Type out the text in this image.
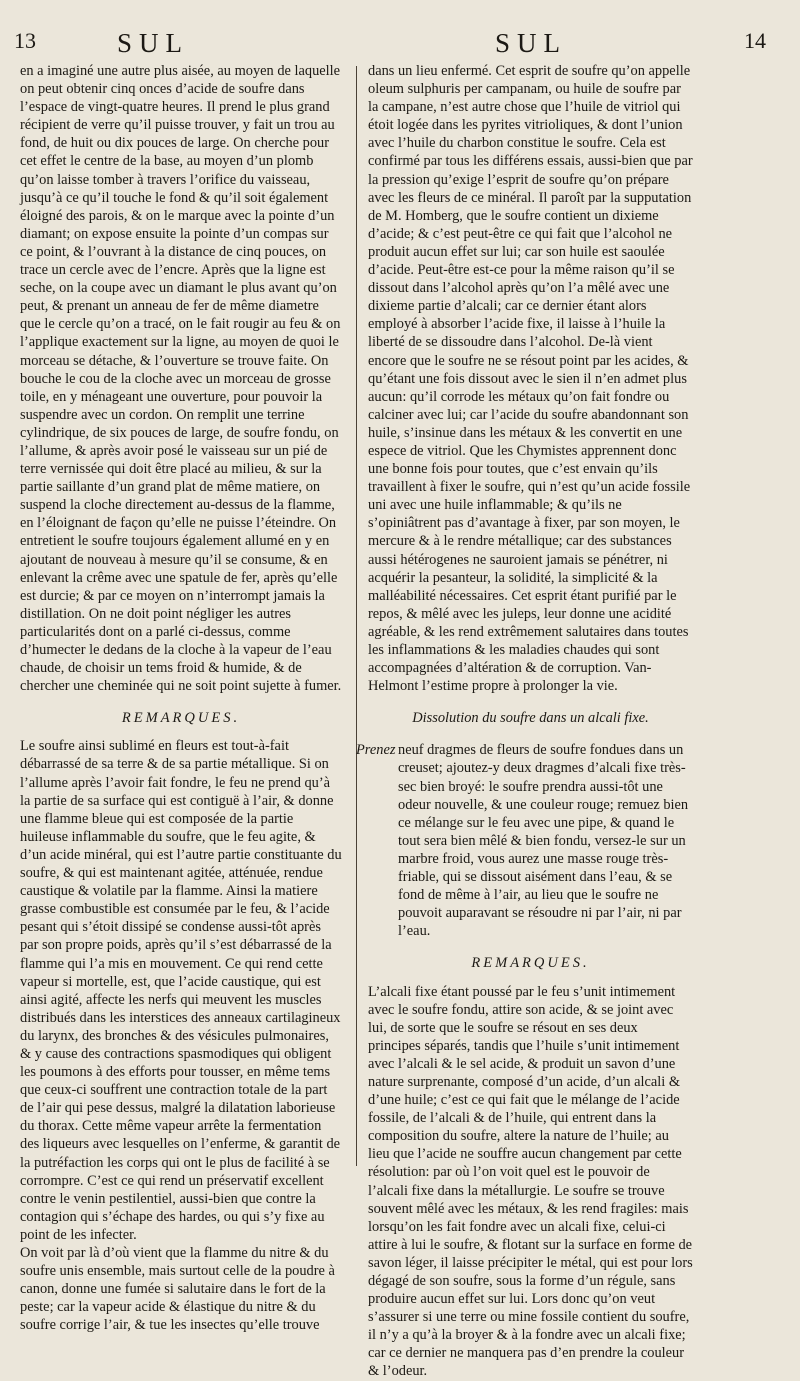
13	SUL	SUL	14

en a imaginé une autre plus aisée, au moyen de laquelle on peut obtenir cinq onces d’acide de soufre dans l’espace de vingt-quatre heures. Il prend le plus grand récipient de verre qu’il puisse trouver, y fait un trou au fond, de huit ou dix pouces de large. On cherche pour cet effet le centre de la base, au moyen d’un plomb qu’on laisse tomber à travers l’orifice du vaisseau, jusqu’à ce qu’il touche le fond & qu’il soit également éloigné des parois, & on le marque avec la pointe d’un diamant; on expose ensuite la pointe d’un compas sur ce point, & l’ouvrant à la distance de cinq pouces, on trace un cercle avec de l’encre. Après que la ligne est seche, on la coupe avec un diamant le plus avant qu’on peut, & prenant un anneau de fer de même diametre que le cercle qu’on a tracé, on le fait rougir au feu & on l’applique exactement sur la ligne, au moyen de quoi le morceau se détache, & l’ouverture se trouve faite. On bouche le cou de la cloche avec un morceau de grosse toile, en y ménageant une ouverture, pour pouvoir la suspendre avec un cordon. On remplit une terrine cylindrique, de six pouces de large, de soufre fondu, on l’allume, & après avoir posé le vaisseau sur un pié de terre vernissée qui doit être placé au milieu, & sur la partie saillante d’un grand plat de même matiere, on suspend la cloche directement au-dessus de la flamme, en l’éloignant de façon qu’elle ne puisse l’éteindre. On entretient le soufre toujours également allumé en y en ajoutant de nouveau à mesure qu’il se consume, & en enlevant la crême avec une spatule de fer, après qu’elle est durcie; & par ce moyen on n’interrompt jamais la distillation. On ne doit point négliger les autres particularités dont on a parlé ci-dessus, comme d’humecter le dedans de la cloche à la vapeur de l’eau chaude, de choisir un tems froid & humide, & de chercher une cheminée qui ne soit point sujette à fumer.

REMARQUES.

Le soufre ainsi sublimé en fleurs est tout-à-fait débarrassé de sa terre & de sa partie métallique. Si on l’allume après l’avoir fait fondre, le feu ne prend qu’à la partie de sa surface qui est contiguë à l’air, & donne une flamme bleue qui est composée de la partie huileuse inflammable du soufre, que le feu agite, & d’un acide minéral, qui est l’autre partie constituante du soufre, & qui est maintenant agitée, atténuée, rendue caustique & volatile par la flamme. Ainsi la matiere grasse combustible est consumée par le feu, & l’acide pesant qui s’étoit dissipé se condense aussi-tôt après par son propre poids, après qu’il s’est débarrassé de la flamme qui l’a mis en mouvement. Ce qui rend cette vapeur si mortelle, est, que l’acide caustique, qui est ainsi agité, affecte les nerfs qui meuvent les muscles distribués dans les interstices des anneaux cartilagineux du larynx, des bronches & des vésicules pulmonaires, & y cause des contractions spasmodiques qui obligent les poumons à des efforts pour tousser, en même tems que ceux-ci souffrent une contraction totale de la part de l’air qui pese dessus, malgré la dilatation laborieuse du thorax. Cette même vapeur arrête la fermentation des liqueurs avec lesquelles on l’enferme, & garantit de la putréfaction les corps qui ont le plus de facilité à se corrompre. C’est ce qui rend un préservatif excellent contre le venin pestilentiel, aussi-bien que contre la contagion qui s’échape des hardes, ou qui s’y fixe au point de les infecter.

On voit par là d’où vient que la flamme du nitre & du soufre unis ensemble, mais surtout celle de la poudre à canon, donne une fumée si salutaire dans le fort de la peste; car la vapeur acide & élastique du nitre & du soufre corrige l’air, & tue les insectes qu’elle trouve

dans un lieu enfermé. Cet esprit de soufre qu’on appelle oleum sulphuris per campanam, ou huile de soufre par la campane, n’est autre chose que l’huile de vitriol qui étoit logée dans les pyrites vitrioliques, & dont l’union avec l’huile du charbon constitue le soufre. Cela est confirmé par tous les différens essais, aussi-bien que par la pression qu’exige l’esprit de soufre qu’on prépare avec les fleurs de ce minéral. Il paroît par la supputation de M. Homberg, que le soufre contient un dixieme d’acide; & c’est peut-être ce qui fait que l’alcohol ne produit aucun effet sur lui; car son huile est saoulée d’acide. Peut-être est-ce pour la même raison qu’il se dissout dans l’alcohol après qu’on l’a mêlé avec une dixieme partie d’alcali; car ce dernier étant alors employé à absorber l’acide fixe, il laisse à l’huile la liberté de se dissoudre dans l’alcohol. De-là vient encore que le soufre ne se résout point par les acides, & qu’étant une fois dissout avec le sien il n’en admet plus aucun: qu’il corrode les métaux qu’on fait fondre ou calciner avec lui; car l’acide du soufre abandonnant son huile, s’insinue dans les métaux & les convertit en une espece de vitriol. Que les Chymistes apprennent donc une bonne fois pour toutes, que c’est envain qu’ils travaillent à fixer le soufre, qui n’est qu’un acide fossile uni avec une huile inflammable; & qu’ils ne s’opiniâtrent pas d’avantage à fixer, par son moyen, le mercure & à le rendre métallique; car des substances aussi hétérogenes ne sauroient jamais se pénétrer, ni acquérir la pesanteur, la solidité, la simplicité & la malléabilité nécessaires. Cet esprit étant purifié par le repos, & mêlé avec les juleps, leur donne une acidité agréable, & les rend extrêmement salutaires dans toutes les inflammations & les maladies chaudes qui sont accompagnées d’altération & de corruption. Van-Helmont l’estime propre à prolonger la vie.

Dissolution du soufre dans un alcali fixe.

Prenez neuf dragmes de fleurs de soufre fondues dans un creuset; ajoutez-y deux dragmes d’alcali fixe très-sec bien broyé: le soufre prendra aussi-tôt une odeur nouvelle, & une couleur rouge; remuez bien ce mélange sur le feu avec une pipe, & quand le tout sera bien mêlé & bien fondu, versez-le sur un marbre froid, vous aurez une masse rouge très-friable, qui se dissout aisément dans l’eau, & se fond de même à l’air, au lieu que le soufre ne pouvoit auparavant se résoudre ni par l’air, ni par l’eau.

REMARQUES.

L’alcali fixe étant poussé par le feu s’unit intimement avec le soufre fondu, attire son acide, & se joint avec lui, de sorte que le soufre se résout en ses deux principes séparés, tandis que l’huile s’unit intimement avec l’alcali & le sel acide, & produit un savon d’une nature surprenante, composé d’un acide, d’un alcali & d’une huile; c’est ce qui fait que le mélange de l’acide fossile, de l’alcali & de l’huile, qui entrent dans la composition du soufre, altere la nature de l’huile; au lieu que l’acide ne souffre aucun changement par cette résolution: par où l’on voit quel est le pouvoir de l’alcali fixe dans la métallurgie. Le soufre se trouve souvent mêlé avec les métaux, & les rend fragiles: mais lorsqu’on les fait fondre avec un alcali fixe, celui-ci attire à lui le soufre, & flotant sur la surface en forme de savon léger, il laisse précipiter le métal, qui est pour lors dégagé de son soufre, sous la forme d’un régule, sans produire aucun effet sur lui. Lors donc qu’on veut s’assurer si une terre ou mine fossile contient du soufre, il n’y a qu’à la broyer & à la fondre avec un alcali fixe; car ce dernier ne manquera pas d’en prendre la couleur & l’odeur.
